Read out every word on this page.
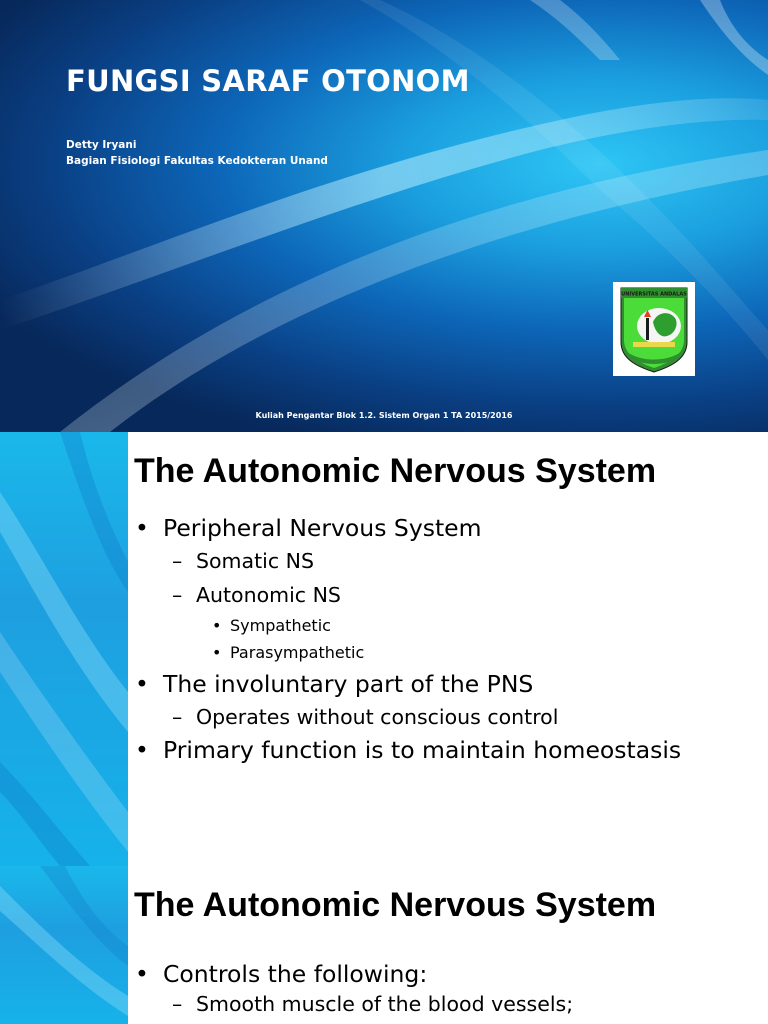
FUNGSI SARAF OTONOM
Detty Iryani
Bagian Fisiologi Fakultas Kedokteran Unand
UNIVERSITAS ANDALAS
Kuliah Pengantar Blok 1.2. Sistem Organ 1 TA 2015/2016
The Autonomic Nervous System
• Peripheral Nervous System
– Somatic NS
– Autonomic NS
• Sympathetic
• Parasympathetic
• The involuntary part of the PNS
– Operates without conscious control
• Primary function is to maintain homeostasis
The Autonomic Nervous System
• Controls the following:
– Smooth muscle of the blood vessels;
